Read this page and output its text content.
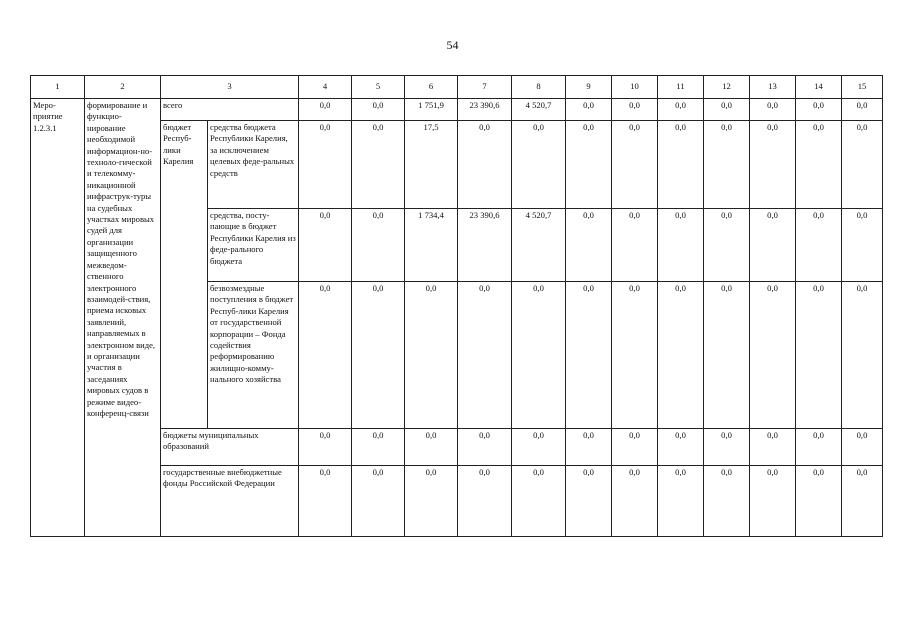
54
1	2	3		4	5	6	7	8	9	10	11	12	13	14	15
Меро-приятие 1.2.3.1	формирование и функцио-нирование необходимой информацион-но-техноло-гической и телекомму-никационной инфраструк-туры на судебных участках мировых судей для организации защищенного межведом-ственного электронного взаимодей-ствия, приема исковых заявлений, направляемых в электронном виде, и организации участия в заседаниях мировых судов в режиме видео-конференц-связи	всего		0,0	0,0	1 751,9	23 390,6	4 520,7	0,0	0,0	0,0	0,0	0,0	0,0	0,0
		бюджет Респуб-лики Карелия	средства бюджета Республики Карелия, за исключением целевых феде-ральных средств	0,0	0,0	17,5	0,0	0,0	0,0	0,0	0,0	0,0	0,0	0,0	0,0
			средства, посту-пающие в бюджет Республики Карелия из феде-рального бюджета	0,0	0,0	1 734,4	23 390,6	4 520,7	0,0	0,0	0,0	0,0	0,0	0,0	0,0
			безвозмездные поступления в бюджет Респуб-лики Карелия от государственной корпорации – Фонда содействия реформированию жилищно-комму-нального хозяйства	0,0	0,0	0,0	0,0	0,0	0,0	0,0	0,0	0,0	0,0	0,0	0,0
		бюджеты муниципальных образований		0,0	0,0	0,0	0,0	0,0	0,0	0,0	0,0	0,0	0,0	0,0	0,0
		государственные внебюджетные фонды Российской Федерации		0,0	0,0	0,0	0,0	0,0	0,0	0,0	0,0	0,0	0,0	0,0	0,0
